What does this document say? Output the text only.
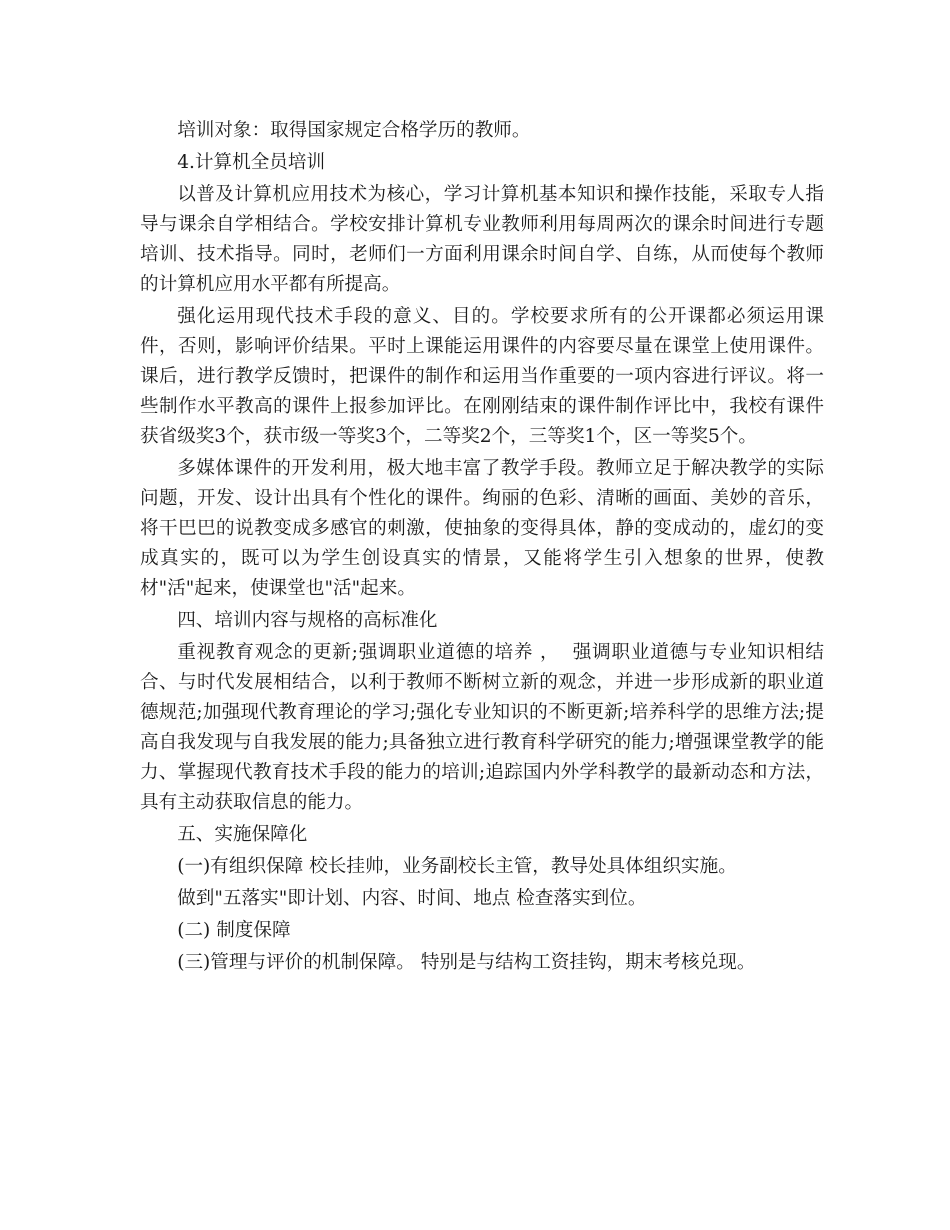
培训对象：取得国家规定合格学历的教师。

4.计算机全员培训

以普及计算机应用技术为核心，学习计算机基本知识和操作技能，采取专人指导与课余自学相结合。学校安排计算机专业教师利用每周两次的课余时间进行专题培训、技术指导。同时，老师们一方面利用课余时间自学、自练，从而使每个教师的计算机应用水平都有所提高。

强化运用现代技术手段的意义、目的。学校要求所有的公开课都必须运用课件，否则，影响评价结果。平时上课能运用课件的内容要尽量在课堂上使用课件。课后，进行教学反馈时，把课件的制作和运用当作重要的一项内容进行评议。将一些制作水平教高的课件上报参加评比。在刚刚结束的课件制作评比中，我校有课件获省级奖3个，获市级一等奖3个，二等奖2个，三等奖1个，区一等奖5个。

多媒体课件的开发利用，极大地丰富了教学手段。教师立足于解决教学的实际问题，开发、设计出具有个性化的课件。绚丽的色彩、清晰的画面、美妙的音乐，将干巴巴的说教变成多感官的刺激，使抽象的变得具体，静的变成动的，虚幻的变成真实的，既可以为学生创设真实的情景，又能将学生引入想象的世界，使教材"活"起来，使课堂也"活"起来。

四、培训内容与规格的高标准化

重视教育观念的更新;强调职业道德的培养 ，  强调职业道德与专业知识相结合、与时代发展相结合，以利于教师不断树立新的观念，并进一步形成新的职业道德规范;加强现代教育理论的学习;强化专业知识的不断更新;培养科学的思维方法;提高自我发现与自我发展的能力;具备独立进行教育科学研究的能力;增强课堂教学的能力、掌握现代教育技术手段的能力的培训;追踪国内外学科教学的最新动态和方法，具有主动获取信息的能力。

五、实施保障化

(一)有组织保障 校长挂帅，业务副校长主管，教导处具体组织实施。

做到"五落实"即计划、内容、时间、地点 检查落实到位。

(二) 制度保障

(三)管理与评价的机制保障。 特别是与结构工资挂钩，期末考核兑现。
